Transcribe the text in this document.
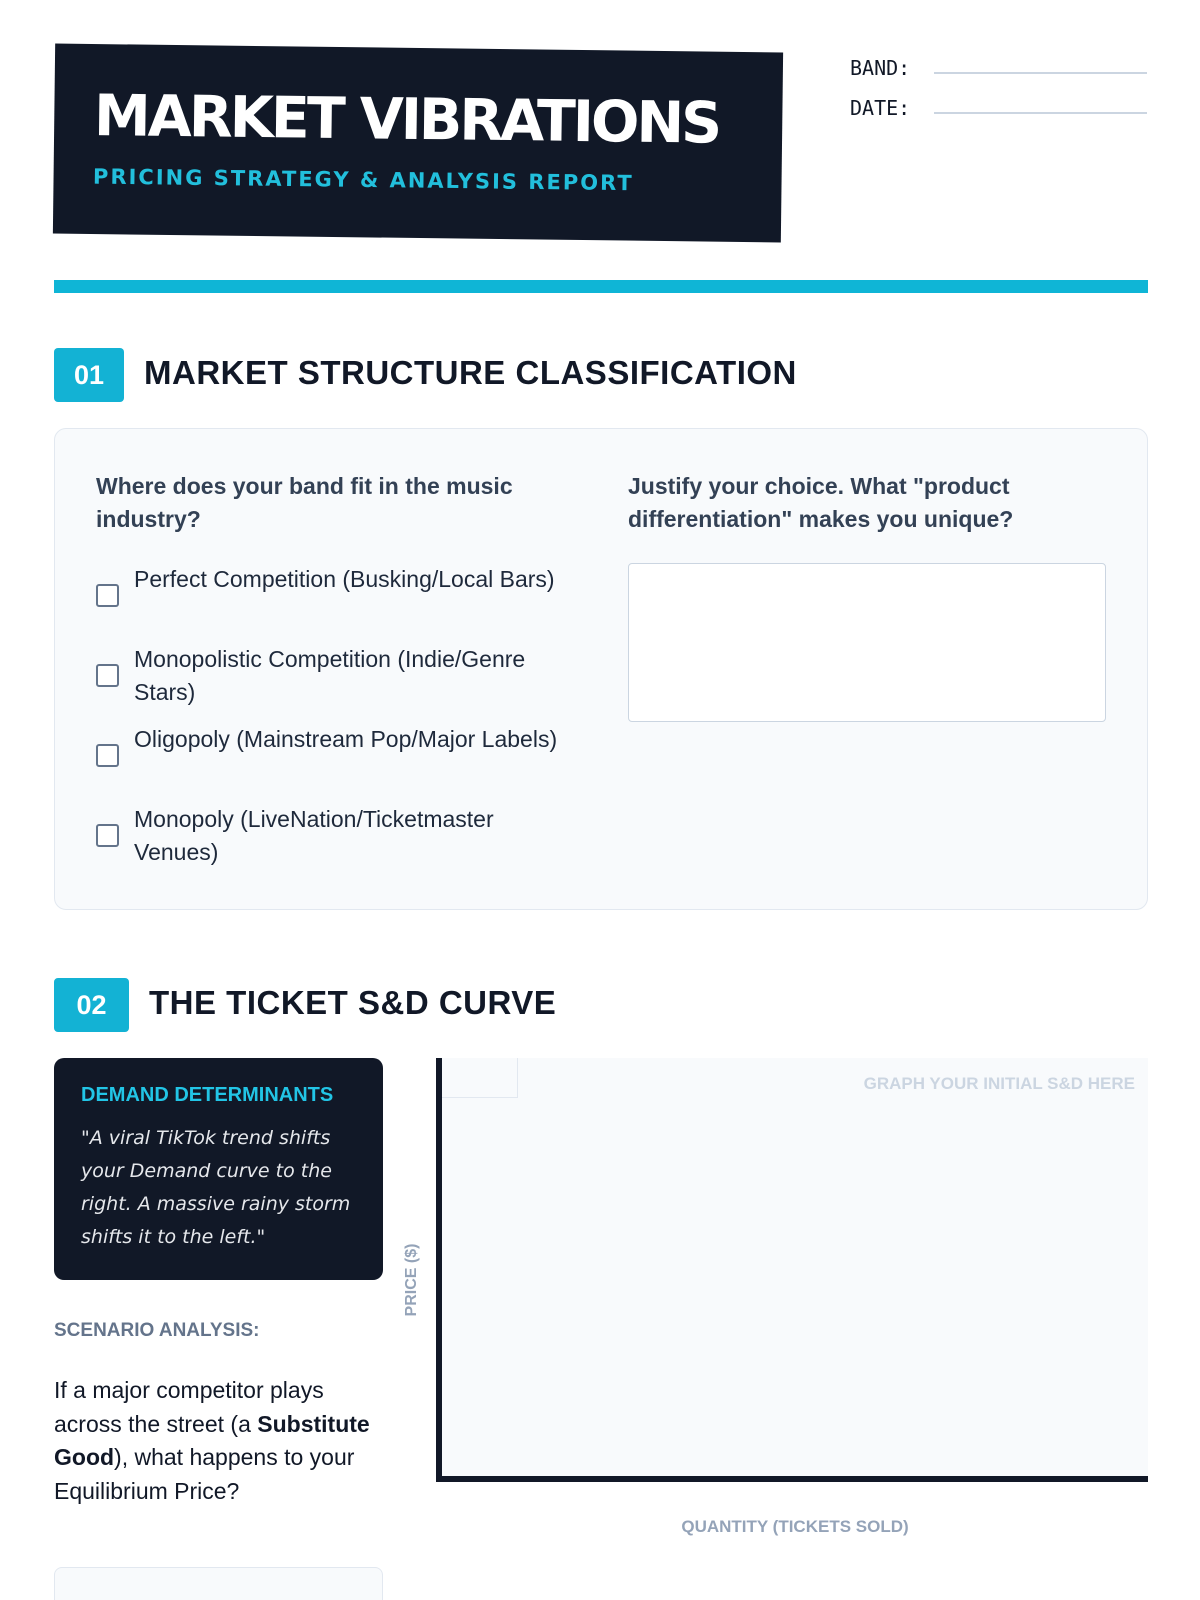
MARKET VIBRATIONS
PRICING STRATEGY & ANALYSIS REPORT
BAND:
DATE:
01	MARKET STRUCTURE CLASSIFICATION
Where does your band fit in the music industry?
Justify your choice. What "product differentiation" makes you unique?
Perfect Competition (Busking/Local Bars)
Monopolistic Competition (Indie/Genre Stars)
Oligopoly (Mainstream Pop/Major Labels)
Monopoly (LiveNation/Ticketmaster Venues)
02	THE TICKET S&D CURVE
DEMAND DETERMINANTS
"A viral TikTok trend shifts your Demand curve to the right. A massive rainy storm shifts it to the left."
SCENARIO ANALYSIS:
If a major competitor plays across the street (a Substitute Good), what happens to your Equilibrium Price?
GRAPH YOUR INITIAL S&D HERE
PRICE ($)
QUANTITY (TICKETS SOLD)
